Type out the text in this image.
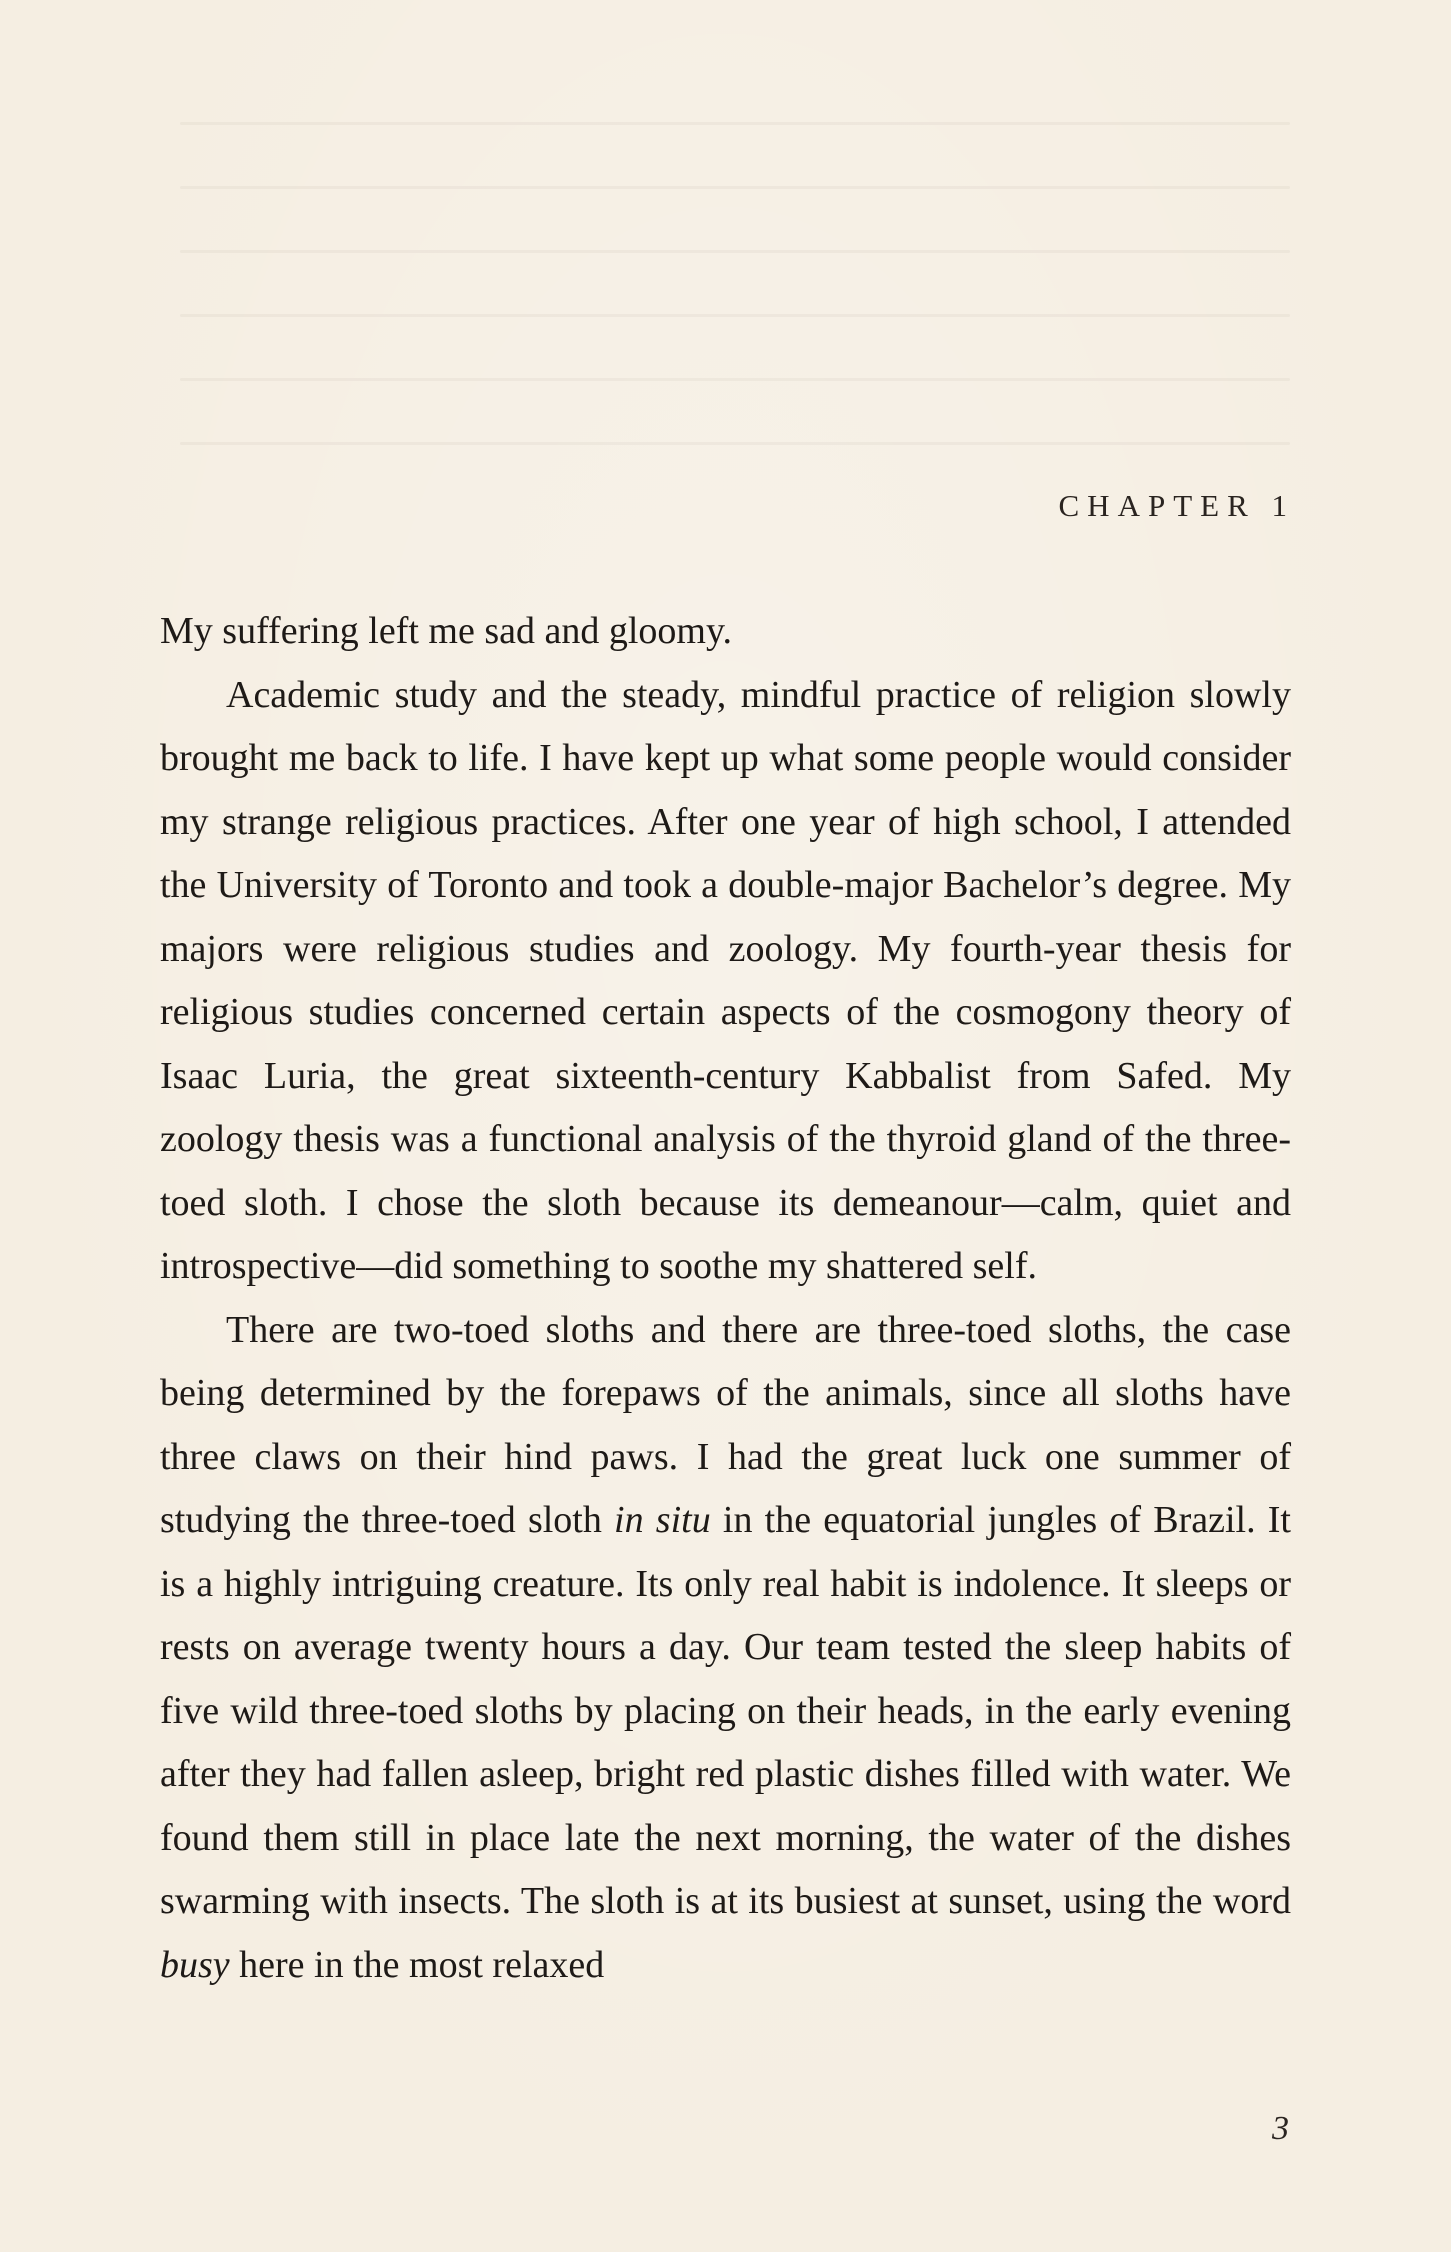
CHAPTER 1

My suffering left me sad and gloomy.

Academic study and the steady, mindful practice of religion slowly brought me back to life. I have kept up what some people would consider my strange religious practices. After one year of high school, I attended the University of Toronto and took a double-major Bachelor’s degree. My majors were religious studies and zoology. My fourth-year thesis for religious studies concerned certain aspects of the cosmogony theory of Isaac Luria, the great sixteenth-century Kabbalist from Safed. My zoology thesis was a functional analysis of the thyroid gland of the three-toed sloth. I chose the sloth because its demeanour—calm, quiet and introspective—did something to soothe my shattered self.

There are two-toed sloths and there are three-toed sloths, the case being determined by the forepaws of the animals, since all sloths have three claws on their hind paws. I had the great luck one summer of studying the three-toed sloth in situ in the equatorial jungles of Brazil. It is a highly intriguing creature. Its only real habit is indolence. It sleeps or rests on average twenty hours a day. Our team tested the sleep habits of five wild three-toed sloths by placing on their heads, in the early evening after they had fallen asleep, bright red plastic dishes filled with water. We found them still in place late the next morning, the water of the dishes swarming with insects. The sloth is at its busiest at sunset, using the word busy here in the most relaxed

3
